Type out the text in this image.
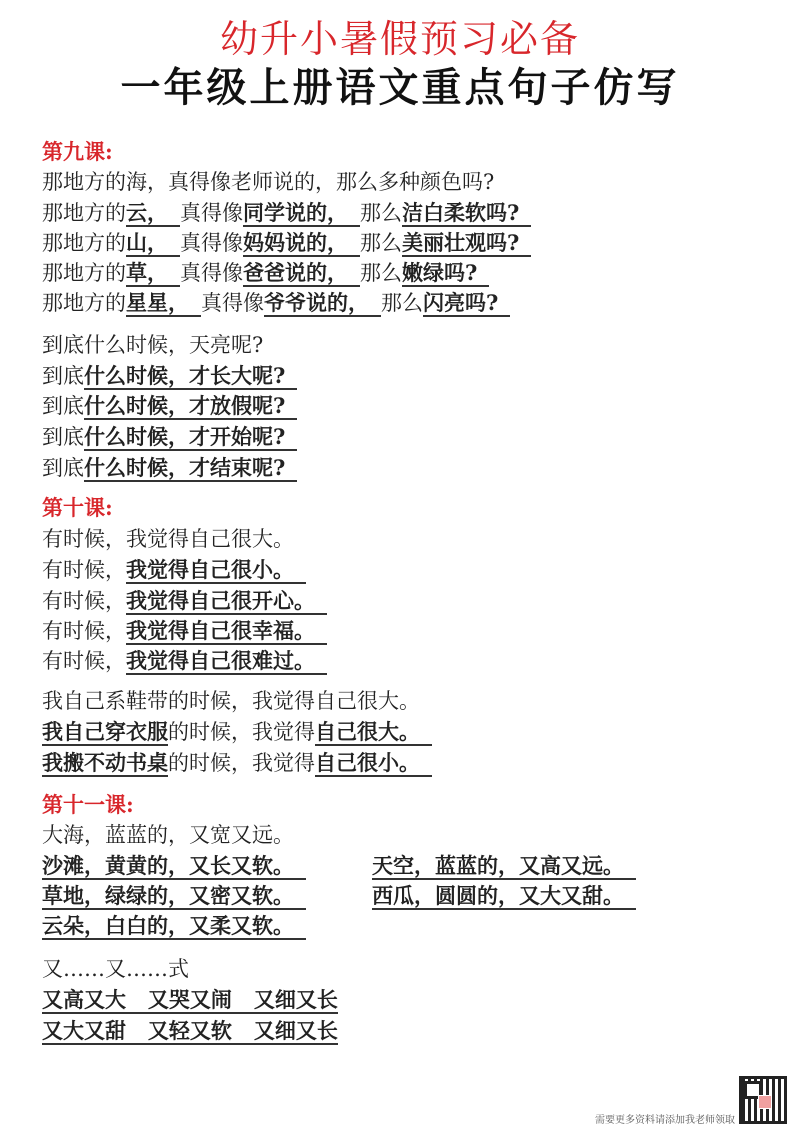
幼升小暑假预习必备
一年级上册语文重点句子仿写
第九课:
那地方的海，真得像老师说的，那么多种颜色吗?
那地方的云， 真得像同学说的， 那么洁白柔软吗?
那地方的山， 真得像妈妈说的， 那么美丽壮观吗?
那地方的草， 真得像爸爸说的， 那么嫩绿吗?
那地方的星星， 真得像爷爷说的， 那么闪亮吗?
到底什么时候，天亮呢?
到底什么时候，才长大呢?
到底什么时候，才放假呢?
到底什么时候，才开始呢?
到底什么时候，才结束呢?
第十课:
有时候，我觉得自己很大。
有时候，我觉得自己很小。
有时候，我觉得自己很开心。
有时候，我觉得自己很幸福。
有时候，我觉得自己很难过。
我自己系鞋带的时候，我觉得自己很大。
我自己穿衣服的时候，我觉得自己很大。
我搬不动书桌的时候，我觉得自己很小。
第十一课:
大海，蓝蓝的，又宽又远。
沙滩，黄黄的，又长又软。
草地，绿绿的，又密又软。
云朵，白白的，又柔又软。
天空，蓝蓝的，又高又远。
西瓜，圆圆的，又大又甜。
又……又……式
又高又大   又哭又闹   又细又长
又大又甜   又轻又软   又细又长
需要更多资料请添加我老师领取
